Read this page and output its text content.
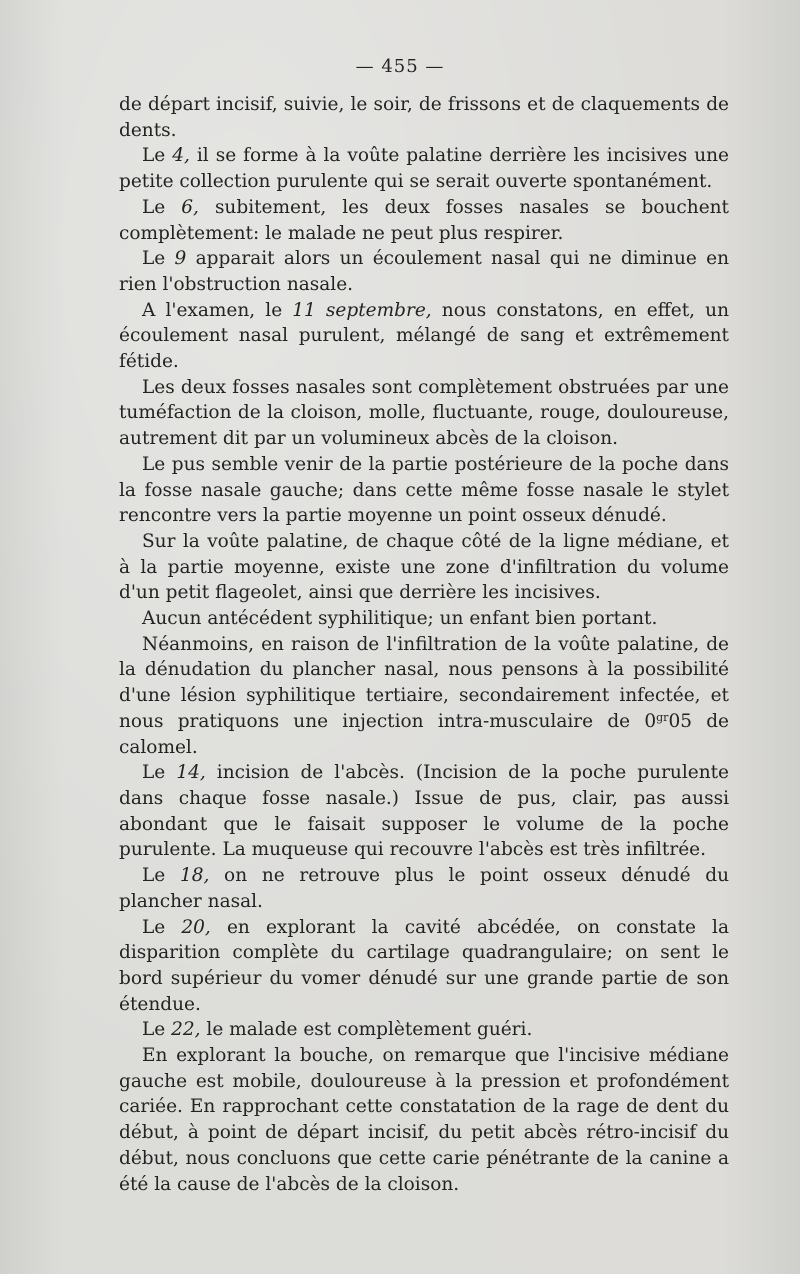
— 455 —

de départ incisif, suivie, le soir, de frissons et de claquements de dents.

Le 4, il se forme à la voûte palatine derrière les incisives une petite collection purulente qui se serait ouverte spontanément.

Le 6, subitement, les deux fosses nasales se bouchent complètement: le malade ne peut plus respirer.

Le 9 apparait alors un écoulement nasal qui ne diminue en rien l'obstruction nasale.

A l'examen, le 11 septembre, nous constatons, en effet, un écoulement nasal purulent, mélangé de sang et extrêmement fétide.

Les deux fosses nasales sont complètement obstruées par une tuméfaction de la cloison, molle, fluctuante, rouge, douloureuse, autrement dit par un volumineux abcès de la cloison.

Le pus semble venir de la partie postérieure de la poche dans la fosse nasale gauche; dans cette même fosse nasale le stylet rencontre vers la partie moyenne un point osseux dénudé.

Sur la voûte palatine, de chaque côté de la ligne médiane, et à la partie moyenne, existe une zone d'infiltration du volume d'un petit flageolet, ainsi que derrière les incisives.

Aucun antécédent syphilitique; un enfant bien portant.

Néanmoins, en raison de l'infiltration de la voûte palatine, de la dénudation du plancher nasal, nous pensons à la possibilité d'une lésion syphilitique tertiaire, secondairement infectée, et nous pratiquons une injection intra-musculaire de $0^{gr}05$ de calomel.

Le 14, incision de l'abcès. (Incision de la poche purulente dans chaque fosse nasale.) Issue de pus, clair, pas aussi abondant que le faisait supposer le volume de la poche purulente. La muqueuse qui recouvre l'abcès est très infiltrée.

Le 18, on ne retrouve plus le point osseux dénudé du plancher nasal.

Le 20, en explorant la cavité abcédée, on constate la disparition complète du cartilage quadrangulaire; on sent le bord supérieur du vomer dénudé sur une grande partie de son étendue.

Le 22, le malade est complètement guéri.

En explorant la bouche, on remarque que l'incisive médiane gauche est mobile, douloureuse à la pression et profondément cariée. En rapprochant cette constatation de la rage de dent du début, à point de départ incisif, du petit abcès rétro-incisif du début, nous concluons que cette carie pénétrante de la canine a été la cause de l'abcès de la cloison.
